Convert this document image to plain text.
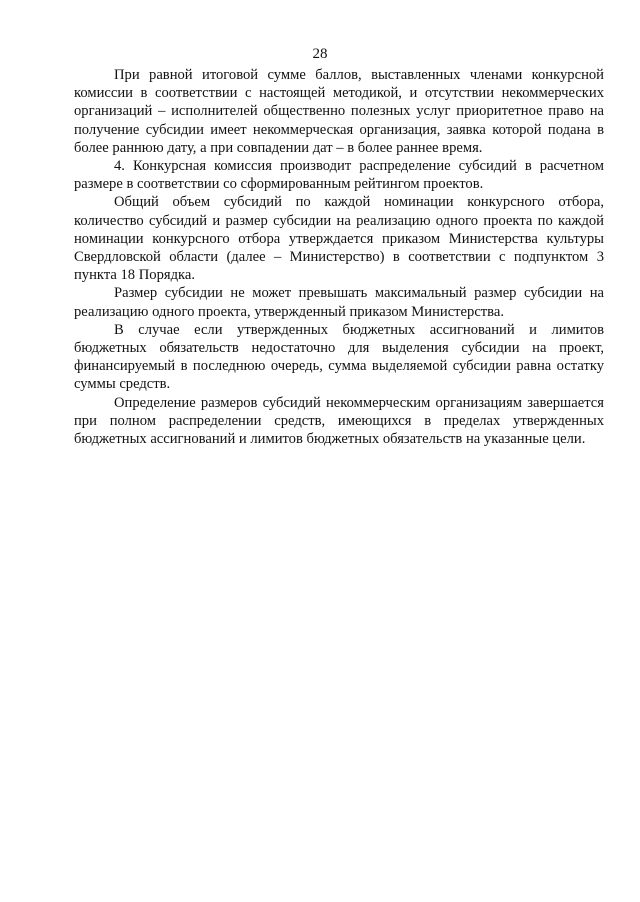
28

При равной итоговой сумме баллов, выставленных членами конкурсной комиссии в соответствии с настоящей методикой, и отсутствии некоммерческих организаций – исполнителей общественно полезных услуг приоритетное право на получение субсидии имеет некоммерческая организация, заявка которой подана в более раннюю дату, а при совпадении дат – в более раннее время.

4. Конкурсная комиссия производит распределение субсидий в расчетном размере в соответствии со сформированным рейтингом проектов.

Общий объем субсидий по каждой номинации конкурсного отбора, количество субсидий и размер субсидии на реализацию одного проекта по каждой номинации конкурсного отбора утверждается приказом Министерства культуры Свердловской области (далее – Министерство) в соответствии с подпунктом 3 пункта 18 Порядка.

Размер субсидии не может превышать максимальный размер субсидии на реализацию одного проекта, утвержденный приказом Министерства.

В случае если утвержденных бюджетных ассигнований и лимитов бюджетных обязательств недостаточно для выделения субсидии на проект, финансируемый в последнюю очередь, сумма выделяемой субсидии равна остатку суммы средств.

Определение размеров субсидий некоммерческим организациям завершается при полном распределении средств, имеющихся в пределах утвержденных бюджетных ассигнований и лимитов бюджетных обязательств на указанные цели.
